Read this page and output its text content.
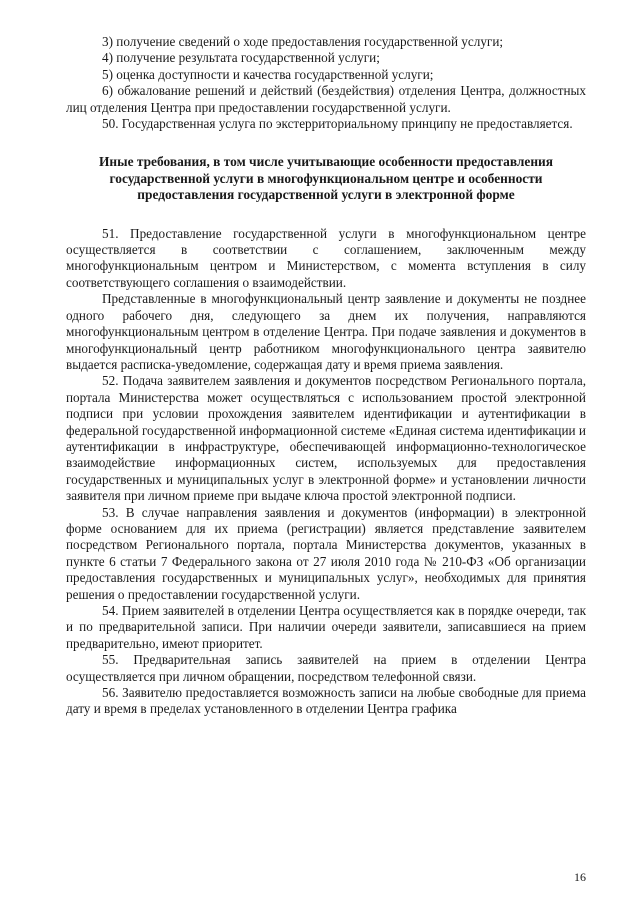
3) получение сведений о ходе предоставления государственной услуги;

4) получение результата государственной услуги;

5) оценка доступности и качества государственной услуги;

6) обжалование решений и действий (бездействия) отделения Центра, должностных лиц отделения Центра при предоставлении государственной услуги.

50. Государственная услуга по экстерриториальному принципу не предоставляется.

Иные требования, в том числе учитывающие особенности предоставления государственной услуги в многофункциональном центре и особенности предоставления государственной услуги в электронной форме

51. Предоставление государственной услуги в многофункциональном центре осуществляется в соответствии с соглашением, заключенным между многофункциональным центром и Министерством, с момента вступления в силу соответствующего соглашения о взаимодействии.

Представленные в многофункциональный центр заявление и документы не позднее одного рабочего дня, следующего за днем их получения, направляются многофункциональным центром в отделение Центра. При подаче заявления и документов в многофункциональный центр работником многофункционального центра заявителю выдается расписка-уведомление, содержащая дату и время приема заявления.

52. Подача заявителем заявления и документов посредством Регионального портала, портала Министерства может осуществляться с использованием простой электронной подписи при условии прохождения заявителем идентификации и аутентификации в федеральной государственной информационной системе «Единая система идентификации и аутентификации в инфраструктуре, обеспечивающей информационно-технологическое взаимодействие информационных систем, используемых для предоставления государственных и муниципальных услуг в электронной форме» и установлении личности заявителя при личном приеме при выдаче ключа простой электронной подписи.

53. В случае направления заявления и документов (информации) в электронной форме основанием для их приема (регистрации) является представление заявителем посредством Регионального портала, портала Министерства документов, указанных в пункте 6 статьи 7 Федерального закона от 27 июля 2010 года № 210-ФЗ «Об организации предоставления государственных и муниципальных услуг», необходимых для принятия решения о предоставлении государственной услуги.

54. Прием заявителей в отделении Центра осуществляется как в порядке очереди, так и по предварительной записи. При наличии очереди заявители, записавшиеся на прием предварительно, имеют приоритет.

55. Предварительная запись заявителей на прием в отделении Центра осуществляется при личном обращении, посредством телефонной связи.

56. Заявителю предоставляется возможность записи на любые свободные для приема дату и время в пределах установленного в отделении Центра графика

16
